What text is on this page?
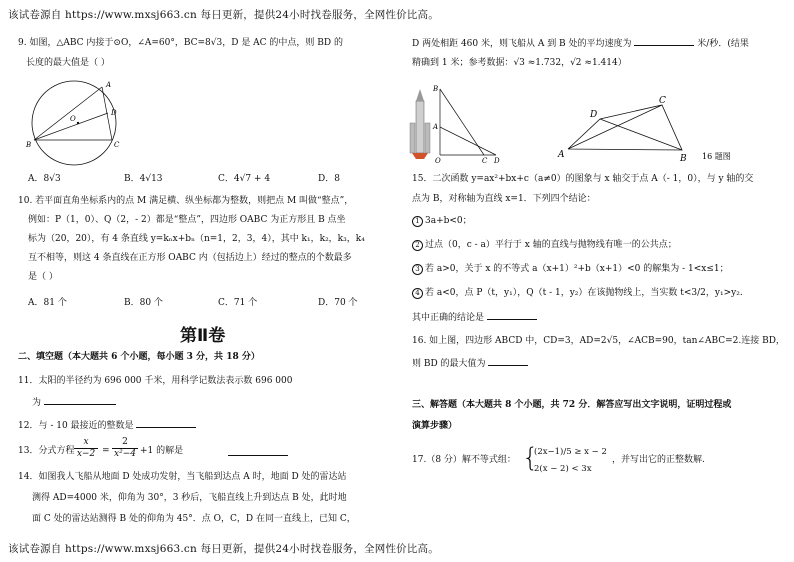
该试卷源自 https://www.mxsj663.cn 每日更新，提供24小时找卷服务，全网性价比高。
9. 如图，△ABC 内接于⊙O，∠A=60°，BC=8√3，D 是 AC 的中点，则 BD 的
长度的最大值是（ ）
A
O
D
B	C
A．8√3	B．4√13	C．4√7 + 4	D．8
10. 若平面直角坐标系内的点 M 满足横、纵坐标都为整数，则把点 M 叫做“整点”，
例如：P（1，0）、Q（2，- 2）都是“整点”，四边形 OABC 为正方形且 B 点坐
标为（20，20），有 4 条直线 y=kₙx+bₙ（n=1，2，3，4），其中 k₁，k₂，k₃，k₄
互不相等，则这 4 条直线在正方形 OABC 内（包括边上）经过的整点的个数最多
是（ ）
A．81 个	B．80 个	C．71 个	D．70 个
第Ⅱ卷
二、填空题（本大题共 6 个小题，每小题 3 分，共 18 分）
11．太阳的半径约为 696 000 千米，用科学记数法表示数 696 000
为
12．与 - 10 最接近的整数是
13．分式方程 $\frac{x}{x-2} = \frac{2}{\text{x²−4}} +1$ 的解是
14．如图我人飞船从地面 D 处成功发射，当飞船到达点 A 时，地面 D 处的雷达站
测得 AD=4000 米，仰角为 30°，3 秒后，飞船直线上升到达点 B 处，此时地
面 C 处的雷达站测得 B 处的仰角为 45°．点 O，C，D 在同一直线上，已知 C，
D 两处相距 460 米，则飞船从 A 到 B 处的平均速度为	米/秒．(结果
精确到 1 米；参考数据：√3 ≈1.732，√2 ≈1.414）
B
A
O	C D
D
C
A	B 16 题图
15．二次函数 y=ax²+bx+c（a≠0）的图象与 x 轴交于点 A（- 1，0），与 y 轴的交
点为 B，对称轴为直线 x=1．下列四个结论：
1 3a+b<0；
2 过点（0，c - a）平行于 x 轴的直线与抛物线有唯一的公共点；
3 若 a>0，关于 x 的不等式 a（x+1）²+b（x+1）<0 的解集为 - 1<x≤1；
4 若 a<0，点 P（t，y₁），Q（t - 1，y₂）在该抛物线上，当实数 t<3/2，y₁>y₂.
其中正确的结论是
16. 如上图，四边形 ABCD 中，CD=3，AD=2√5，∠ACB=90，tan∠ABC=2.连接 BD，
则 BD 的最大值为
三、解答题（本大题共 8 个小题，共 72 分．解答应写出文字说明，证明过程或
演算步骤）
17.（8 分）解不等式组： {
(2x−1)/5 ≥ x − 2
2(x − 2) < 3x
，并写出它的正整数解.
该试卷源自 https://www.mxsj663.cn 每日更新，提供24小时找卷服务，全网性价比高。
